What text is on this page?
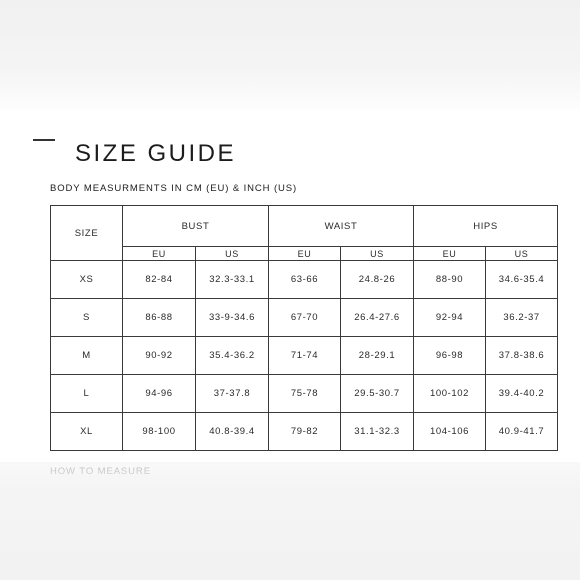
SIZE GUIDE
BODY MEASURMENTS IN CM (EU) & INCH (US)
SIZE	BUST		WAIST		HIPS	
	EU	US	EU	US	EU	US
XS	82-84	32.3-33.1	63-66	24.8-26	88-90	34.6-35.4
S	86-88	33-9-34.6	67-70	26.4-27.6	92-94	36.2-37
M	90-92	35.4-36.2	71-74	28-29.1	96-98	37.8-38.6
L	94-96	37-37.8	75-78	29.5-30.7	100-102	39.4-40.2
XL	98-100	40.8-39.4	79-82	31.1-32.3	104-106	40.9-41.7
